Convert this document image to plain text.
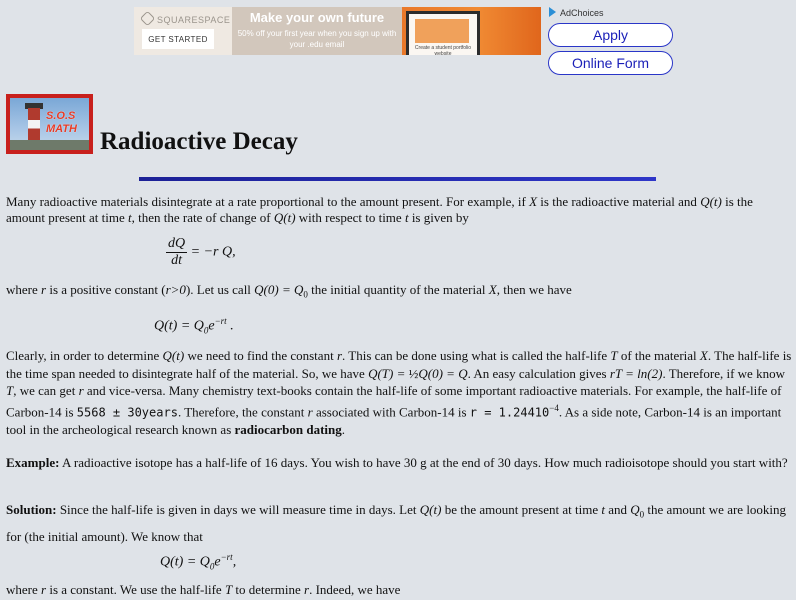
SQUARESPACE
GET STARTED
Make your own future
50% off your first year when you sign up with your .edu email	Create a student portfolio website
AdChoices
Apply
Online Form
S.O.S MATH Radioactive Decay

Many radioactive materials disintegrate at a rate proportional to the amount present. For example, if X is the radioactive material and Q(t) is the amount present at time t, then the rate of change of Q(t) with respect to time t is given by

$\frac{dQ}{dt} = -r$ Q,

where r is a positive constant (r>0). Let us call $Q(0) = Q_0$ the initial quantity of the material X, then we have

$Q(t) = Q_0e^{-rt}$ .

Clearly, in order to determine Q(t) we need to find the constant r. This can be done using what is called the half-life T of the material X. The half-life is the time span needed to disintegrate half of the material. So, we have Q(T) = ½Q(0) = Q. An easy calculation gives rT = ln(2). Therefore, if we know T, we can get r and vice-versa. Many chemistry text-books contain the half-life of some important radioactive materials. For example, the half-life of Carbon-14 is 5568 ± 30years. Therefore, the constant r associated with Carbon-14 is $r = 1.24410^{-4}$. As a side note, Carbon-14 is an important tool in the archeological research known as radiocarbon dating.

Example: A radioactive isotope has a half-life of 16 days. You wish to have 30 g at the end of 30 days. How much radioisotope should you start with?

Solution: Since the half-life is given in days we will measure time in days. Let Q(t) be the amount present at time t and $Q_0$ the amount we are looking for (the initial amount). We know that

$Q(t) = Q_0e^{-rt}$,

where r is a constant. We use the half-life T to determine r. Indeed, we have
